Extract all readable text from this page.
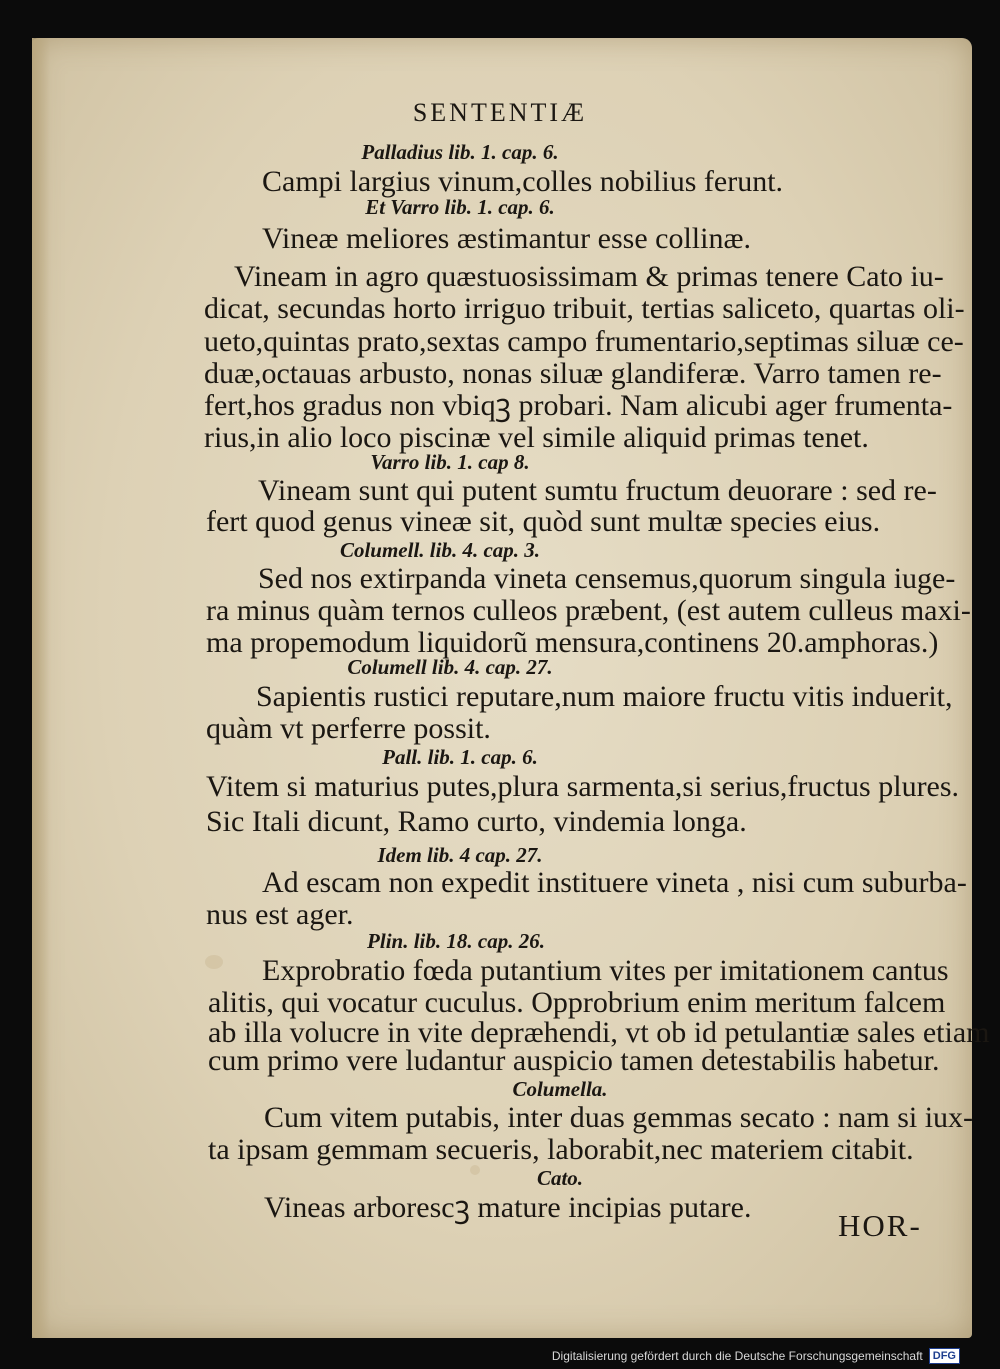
SENTENTIÆ
Palladius lib. 1. cap. 6.
Campi largius vinum,colles nobilius ferunt.
Et Varro lib. 1. cap. 6.
Vineæ meliores æstimantur esse collinæ.
Vineam in agro quæstuosissimam & primas tenere Cato iu-
dicat, secundas horto irriguo tribuit, tertias saliceto, quartas oli-
ueto,quintas prato,sextas campo frumentario,septimas siluæ ce-
duæ,octauas arbusto, nonas siluæ glandiferæ. Varro tamen re-
fert,hos gradus non vbiqꝫ probari. Nam alicubi ager frumenta-
rius,in alio loco piscinæ vel simile aliquid primas tenet.
Varro lib. 1. cap 8.
Vineam sunt qui putent sumtu fructum deuorare : sed re-
fert quod genus vineæ sit, quòd sunt multæ species eius.
Columell. lib. 4. cap. 3.
Sed nos extirpanda vineta censemus,quorum singula iuge-
ra minus quàm ternos culleos præbent, (est autem culleus maxi-
ma propemodum liquidorũ mensura,continens 20.amphoras.)
Columell lib. 4. cap. 27.
Sapientis rustici reputare,num maiore fructu vitis induerit,
quàm vt perferre possit.
Pall. lib. 1. cap. 6.
Vitem si maturius putes,plura sarmenta,si serius,fructus plures.
Sic Itali dicunt, Ramo curto, vindemia longa.
Idem lib. 4 cap. 27.
Ad escam non expedit instituere vineta , nisi cum suburba-
nus est ager.
Plin. lib. 18. cap. 26.
Exprobratio fœda putantium vites per imitationem cantus
alitis, qui vocatur cuculus. Opprobrium enim meritum falcem
ab illa volucre in vite depræhendi, vt ob id petulantiæ sales etiam
cum primo vere ludantur auspicio tamen detestabilis habetur.
Columella.
Cum vitem putabis, inter duas gemmas secato : nam si iux-
ta ipsam gemmam secueris, laborabit,nec materiem citabit.
Cato.
Vineas arborescꝫ mature incipias putare.
HOR-
Digitalisierung gefördert durch die Deutsche Forschungsgemeinschaft DFG
